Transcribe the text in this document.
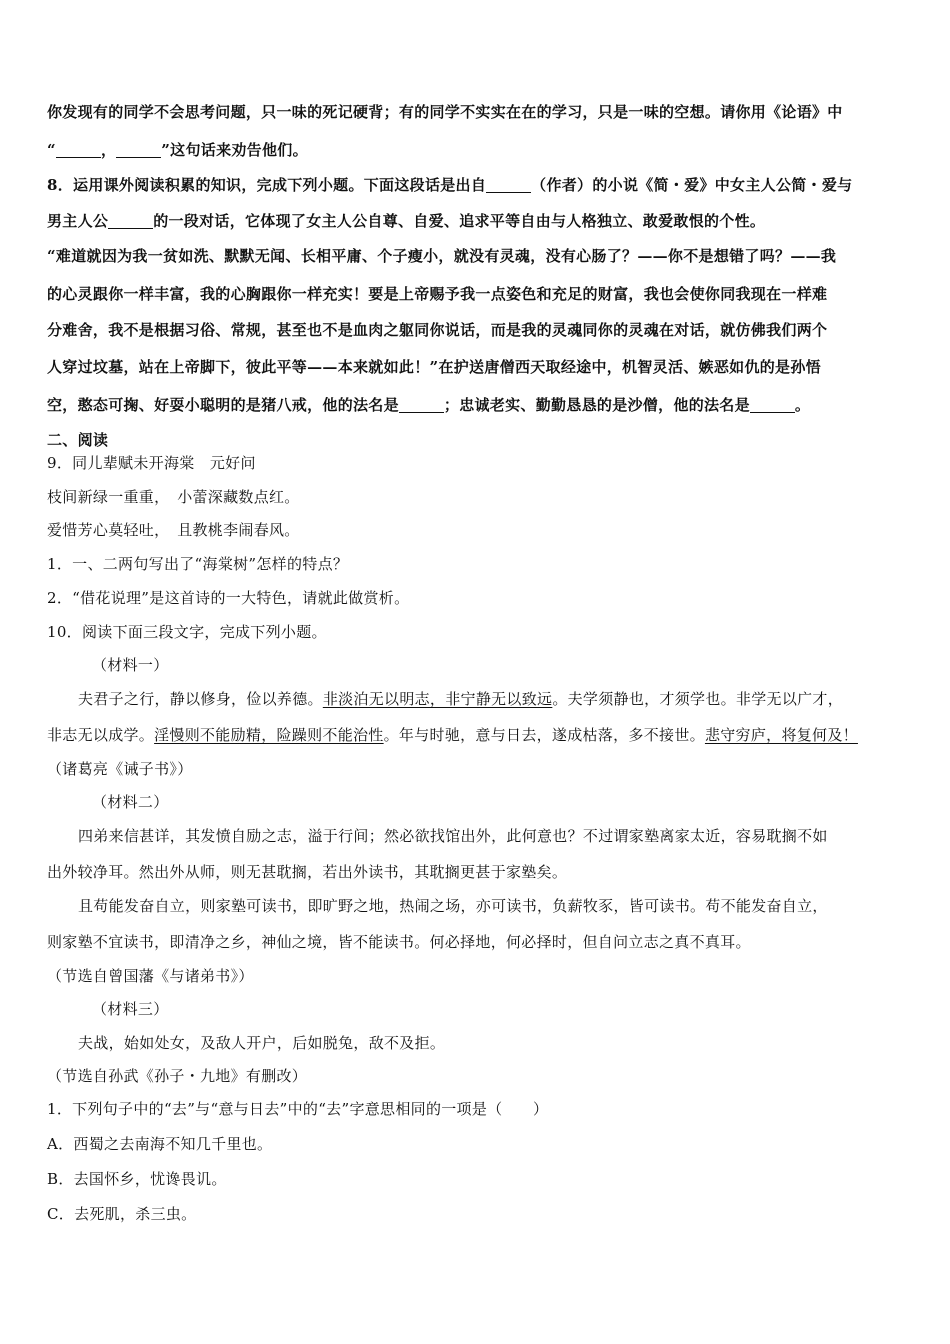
你发现有的同学不会思考问题，只一味的死记硬背；有的同学不实实在在的学习，只是一味的空想。请你用《论语》中
“	，	”这句话来劝告他们。
8．运用课外阅读积累的知识，完成下列小题。下面这段话是出自	（作者）的小说《简・爱》中女主人公简・爱与
男主人公	的一段对话，它体现了女主人公自尊、自爱、追求平等自由与人格独立、敢爱敢恨的个性。
“难道就因为我一贫如洗、默默无闻、长相平庸、个子瘦小，就没有灵魂，没有心肠了？——你不是想错了吗？——我
的心灵跟你一样丰富，我的心胸跟你一样充实！要是上帝赐予我一点姿色和充足的财富，我也会使你同我现在一样难
分难舍，我不是根据习俗、常规，甚至也不是血肉之躯同你说话，而是我的灵魂同你的灵魂在对话，就仿佛我们两个
人穿过坟墓，站在上帝脚下，彼此平等——本来就如此！”在护送唐僧西天取经途中，机智灵活、嫉恶如仇的是孙悟
空，憨态可掬、好耍小聪明的是猪八戒，他的法名是	；忠诚老实、勤勤恳恳的是沙僧，他的法名是	。
二、阅读
9．同儿辈赋未开海棠　元好问
枝间新绿一重重，　小蕾深藏数点红。
爱惜芳心莫轻吐，　且教桃李闹春风。
1．一、二两句写出了“海棠树”怎样的特点？
2．“借花说理”是这首诗的一大特色，请就此做赏析。
10．阅读下面三段文字，完成下列小题。
（材料一）
夫君子之行，静以修身，俭以养德。非淡泊无以明志，非宁静无以致远。夫学须静也，才须学也。非学无以广才，
非志无以成学。淫慢则不能励精，险躁则不能治性。年与时驰，意与日去，遂成枯落，多不接世。悲守穷庐，将复何及！
（诸葛亮《诫子书》）
（材料二）
四弟来信甚详，其发愤自励之志，溢于行间；然必欲找馆出外，此何意也？不过谓家塾离家太近，容易耽搁不如
出外较净耳。然出外从师，则无甚耽搁，若出外读书，其耽搁更甚于家塾矣。
且苟能发奋自立，则家塾可读书，即旷野之地，热闹之场，亦可读书，负薪牧豕，皆可读书。苟不能发奋自立，
则家塾不宜读书，即清净之乡，神仙之境，皆不能读书。何必择地，何必择时，但自问立志之真不真耳。
（节选自曾国藩《与诸弟书》）
（材料三）
夫战，始如处女，及敌人开户，后如脱兔，敌不及拒。
（节选自孙武《孙子・九地》有删改）
1．下列句子中的“去”与“意与日去”中的“去”字意思相同的一项是（　　）
A．西蜀之去南海不知几千里也。
B．去国怀乡，忧谗畏讥。
C．去死肌，杀三虫。
